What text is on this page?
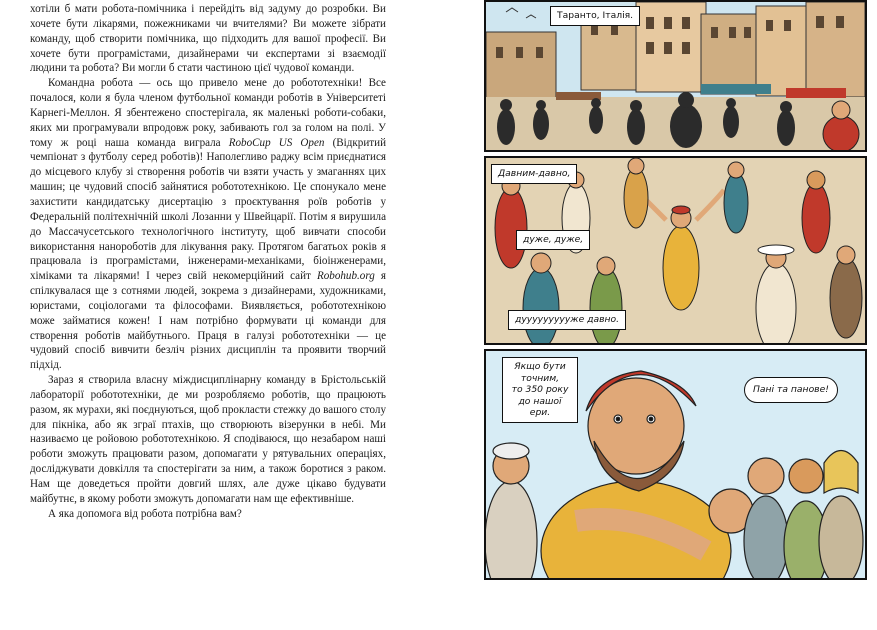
хотіли б мати робота-помічника і перейдіть від задуму до розробки. Ви хочете бути лікарями, пожежниками чи вчителями? Ви можете зібрати команду, щоб створити помічника, що підходить для вашої професії. Ви хочете бути програмістами, дизайнерами чи експертами зі взаємодії людини та робота? Ви могли б стати частиною цієї чудової команди.

Командна робота — ось що привело мене до робототехніки! Все почалося, коли я була членом футбольної команди роботів в Університеті Карнегі-Меллон. Я збентежено спостерігала, як маленькі роботи-собаки, яких ми програмували впродовж року, забивають гол за голом на полі. У тому ж році наша команда виграла RoboCup US Open (Відкритий чемпіонат з футболу серед роботів)! Наполегливо раджу всім приєднатися до місцевого клубу зі створення роботів чи взяти участь у змаганнях цих машин; це чудовий спосіб зайнятися робототехнікою. Це спонукало мене захистити кандидатську дисертацію з проєктування роїв роботів у Федеральній політехнічній школі Лозанни у Швейцарії. Потім я вирушила до Массачусетського технологічного інституту, щоб вивчати способи використання нанороботів для лікування раку. Протягом багатьох років я працювала із програмістами, інженерами-механіками, біоінженерами, хіміками та лікарями! І через свій некомерційний сайт Robohub.org я спілкувалася ще з сотнями людей, зокрема з дизайнерами, художниками, юристами, соціологами та філософами. Виявляється, робототехнікою може займатися кожен! І нам потрібно формувати ці команди для створення роботів майбутнього. Праця в галузі робототехніки — це чудовий спосіб вивчити безліч різних дисциплін та проявити творчий підхід.

Зараз я створила власну міждисциплінарну команду в Брістольській лабораторії робототехніки, де ми розробляємо роботів, що працюють разом, як мурахи, які поєднуються, щоб прокласти стежку до вашого столу для пікніка, або як зграї птахів, що створюють візерунки в небі. Ми називаємо це ройовою робототехнікою. Я сподіваюся, що незабаром наші роботи зможуть працювати разом, допомагати у рятувальних операціях, досліджувати довкілля та спостерігати за ним, а також боротися з раком. Нам ще доведеться пройти довгий шлях, але дуже цікаво будувати майбутнє, в якому роботи зможуть допомагати нам ще ефективніше.

А яка допомога від робота потрібна вам?

Таранто, Італія.
Давним-давно,
дуже, дуже,
дуууууууууже давно.
Якщо бути точним,
то 350 року
до нашої ери.
Пані та панове!
